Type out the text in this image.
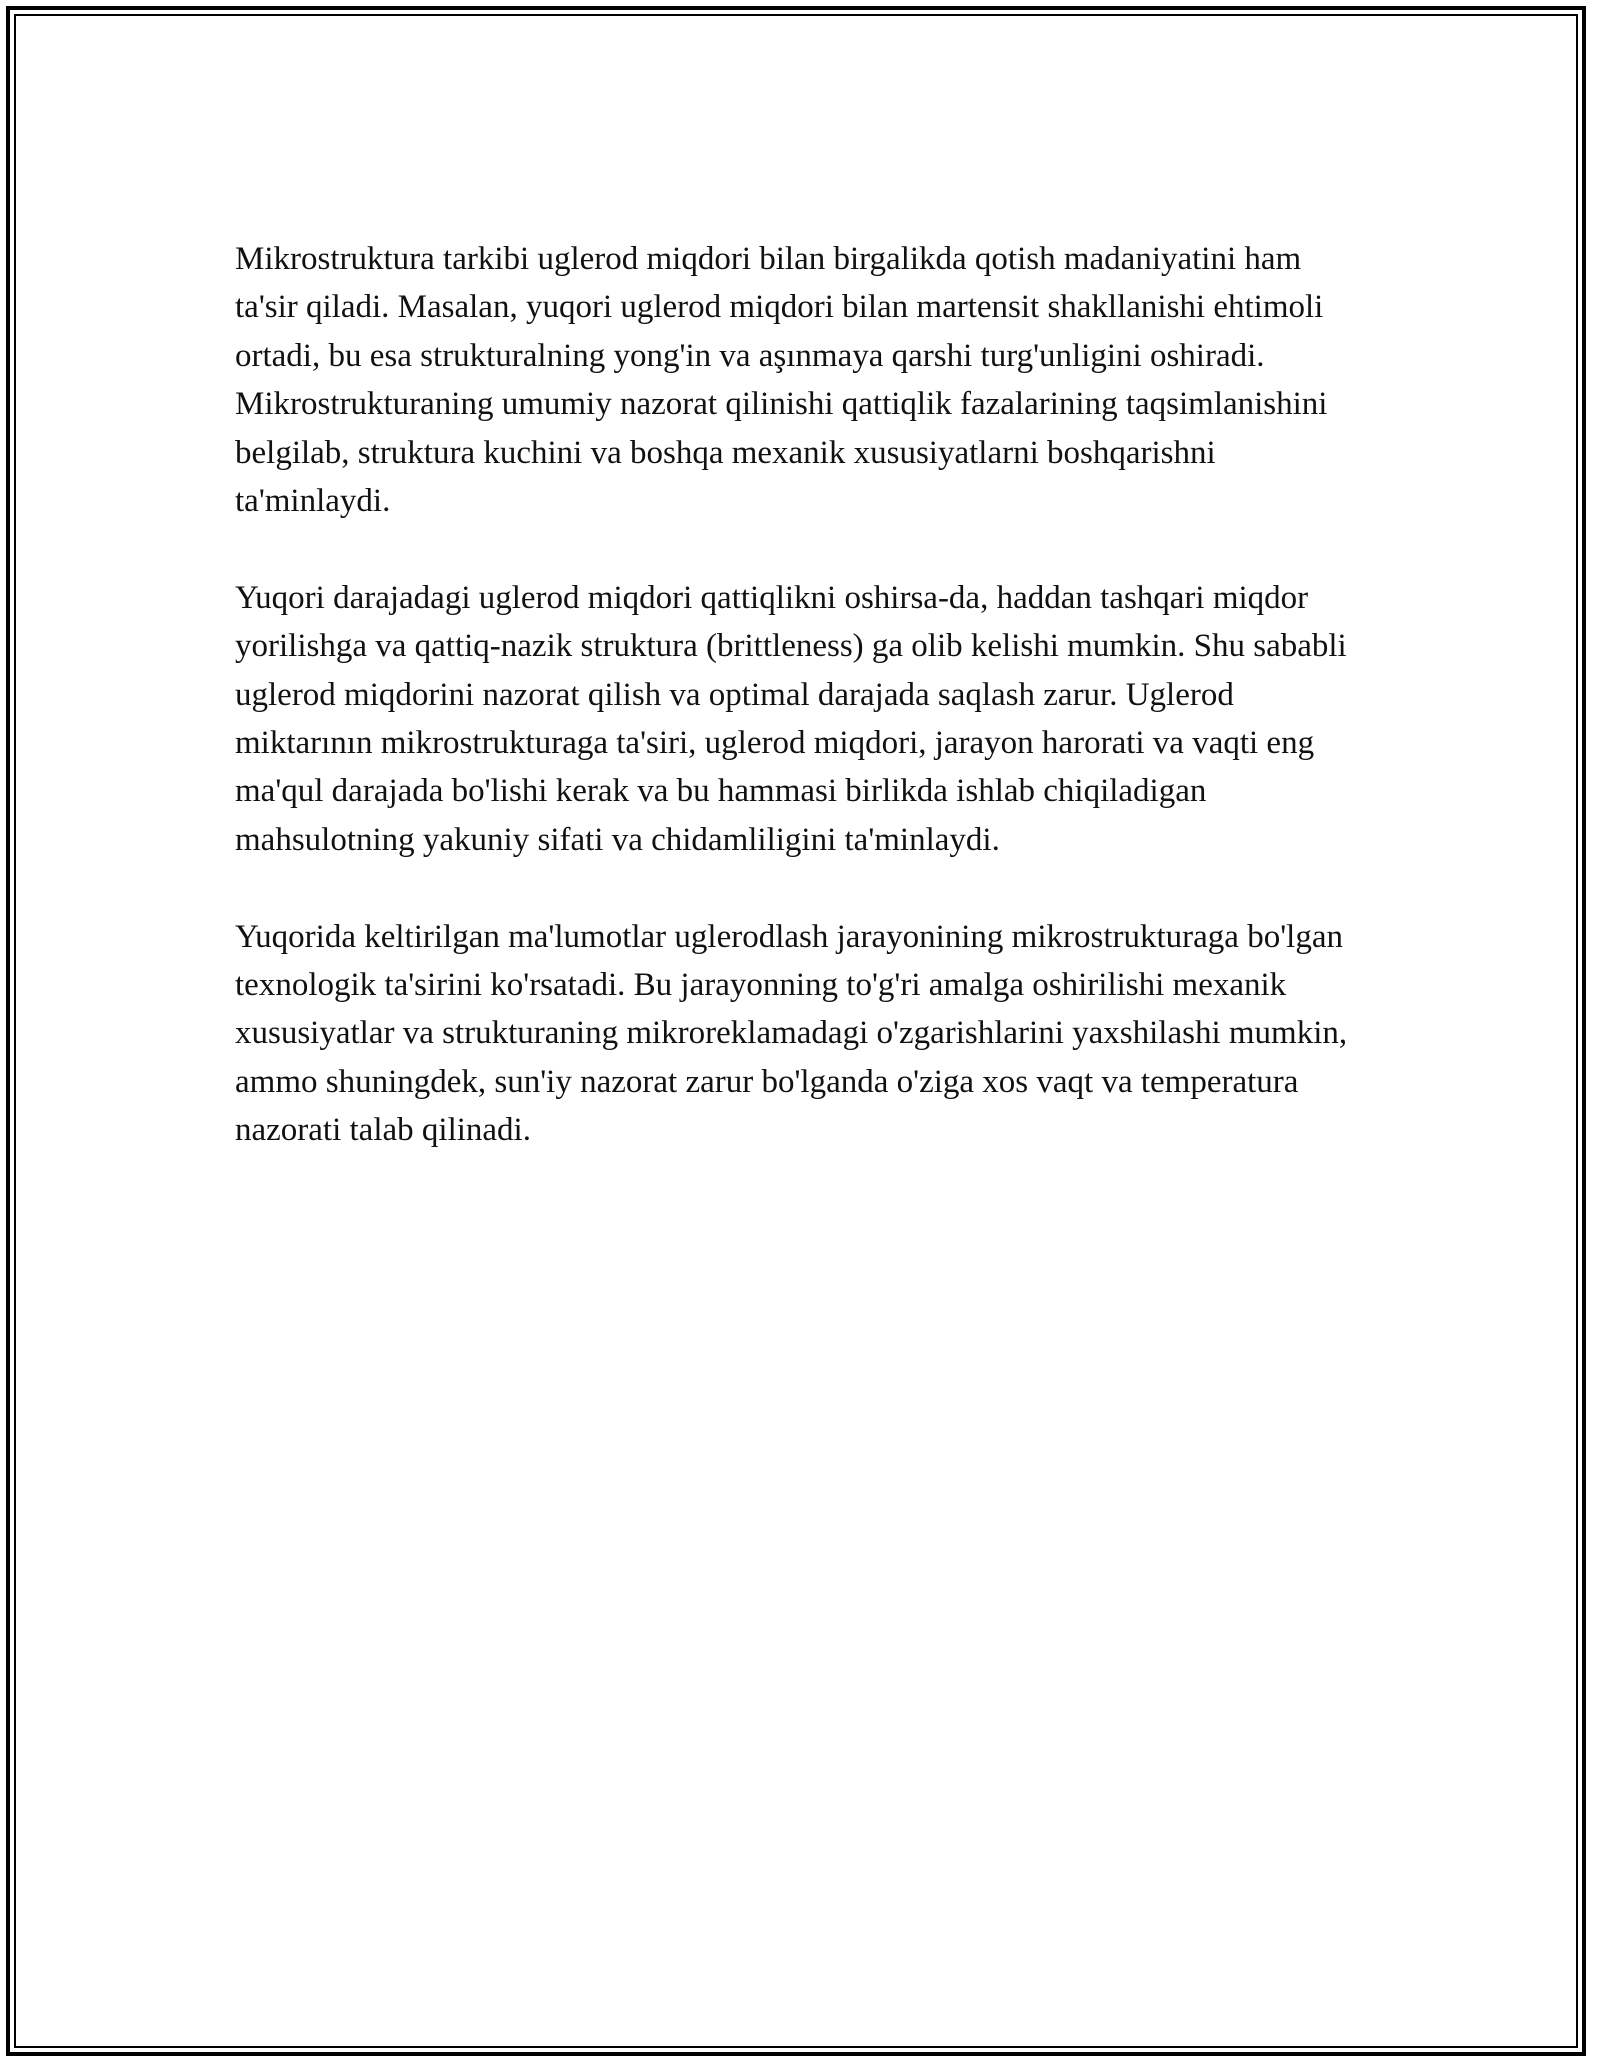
Mikrostruktura tarkibi uglerod miqdori bilan birgalikda qotish madaniyatini ham ta'sir qiladi. Masalan, yuqori uglerod miqdori bilan martensit shakllanishi ehtimoli ortadi, bu esa strukturalning yong'in va aşınmaya qarshi turg'unligini oshiradi. Mikrostrukturaning umumiy nazorat qilinishi qattiqlik fazalarining taqsimlanishini belgilab, struktura kuchini va boshqa mexanik xususiyatlarni boshqarishni ta'minlaydi.

Yuqori darajadagi uglerod miqdori qattiqlikni oshirsa-da, haddan tashqari miqdor yorilishga va qattiq-nazik struktura (brittleness) ga olib kelishi mumkin. Shu sababli uglerod miqdorini nazorat qilish va optimal darajada saqlash zarur. Uglerod miktarının mikrostrukturaga ta'siri, uglerod miqdori, jarayon harorati va vaqti eng ma'qul darajada bo'lishi kerak va bu hammasi birlikda ishlab chiqiladigan mahsulotning yakuniy sifati va chidamliligini ta'minlaydi.

Yuqorida keltirilgan ma'lumotlar uglerodlash jarayonining mikrostrukturaga bo'lgan texnologik ta'sirini ko'rsatadi. Bu jarayonning to'g'ri amalga oshirilishi mexanik xususiyatlar va strukturaning mikroreklamadagi o'zgarishlarini yaxshilashi mumkin, ammo shuningdek, sun'iy nazorat zarur bo'lganda o'ziga xos vaqt va temperatura nazorati talab qilinadi.
